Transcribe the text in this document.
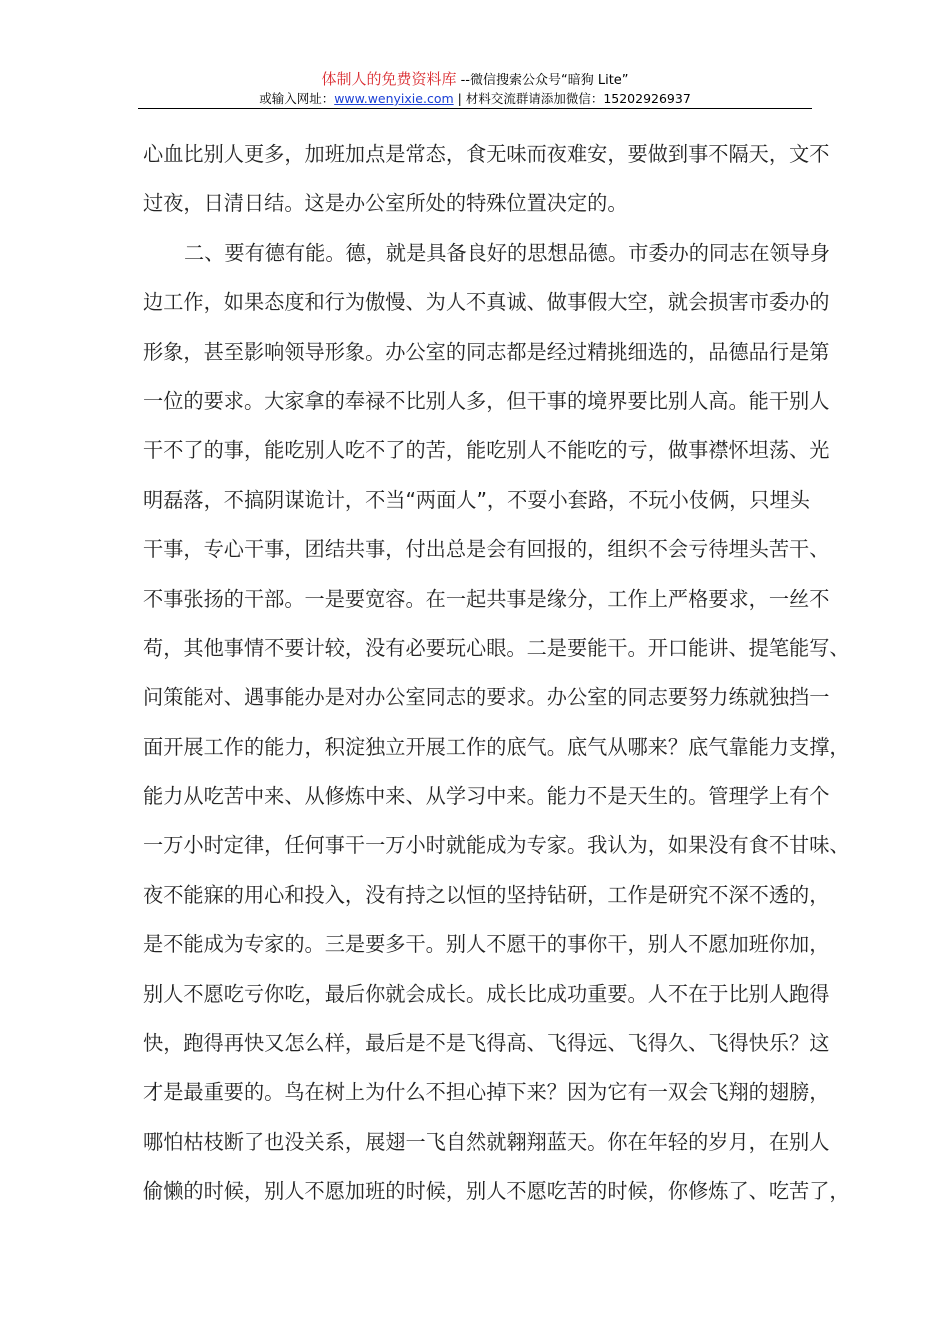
体制人的免费资料库 --微信搜索公众号“暗狗 Lite”
或输入网址：www.wenyixie.com | 材料交流群请添加微信：15202926937
心血比别人更多，加班加点是常态，食无味而夜难安，要做到事不隔天，文不
过夜，日清日结。这是办公室所处的特殊位置决定的。
二、要有德有能。德，就是具备良好的思想品德。市委办的同志在领导身
边工作，如果态度和行为傲慢、为人不真诚、做事假大空，就会损害市委办的
形象，甚至影响领导形象。办公室的同志都是经过精挑细选的，品德品行是第
一位的要求。大家拿的奉禄不比别人多，但干事的境界要比别人高。能干别人
干不了的事，能吃别人吃不了的苦，能吃别人不能吃的亏，做事襟怀坦荡、光
明磊落，不搞阴谋诡计，不当“两面人”，不耍小套路，不玩小伎俩，只埋头
干事，专心干事，团结共事，付出总是会有回报的，组织不会亏待埋头苦干、
不事张扬的干部。一是要宽容。在一起共事是缘分，工作上严格要求，一丝不
苟，其他事情不要计较，没有必要玩心眼。二是要能干。开口能讲、提笔能写、
问策能对、遇事能办是对办公室同志的要求。办公室的同志要努力练就独挡一
面开展工作的能力，积淀独立开展工作的底气。底气从哪来？底气靠能力支撑，
能力从吃苦中来、从修炼中来、从学习中来。能力不是天生的。管理学上有个
一万小时定律，任何事干一万小时就能成为专家。我认为，如果没有食不甘味、
夜不能寐的用心和投入，没有持之以恒的坚持钻研，工作是研究不深不透的，
是不能成为专家的。三是要多干。别人不愿干的事你干，别人不愿加班你加，
别人不愿吃亏你吃，最后你就会成长。成长比成功重要。人不在于比别人跑得
快，跑得再快又怎么样，最后是不是飞得高、飞得远、飞得久、飞得快乐？这
才是最重要的。鸟在树上为什么不担心掉下来？因为它有一双会飞翔的翅膀，
哪怕枯枝断了也没关系，展翅一飞自然就翱翔蓝天。你在年轻的岁月，在别人
偷懒的时候，别人不愿加班的时候，别人不愿吃苦的时候，你修炼了、吃苦了，
